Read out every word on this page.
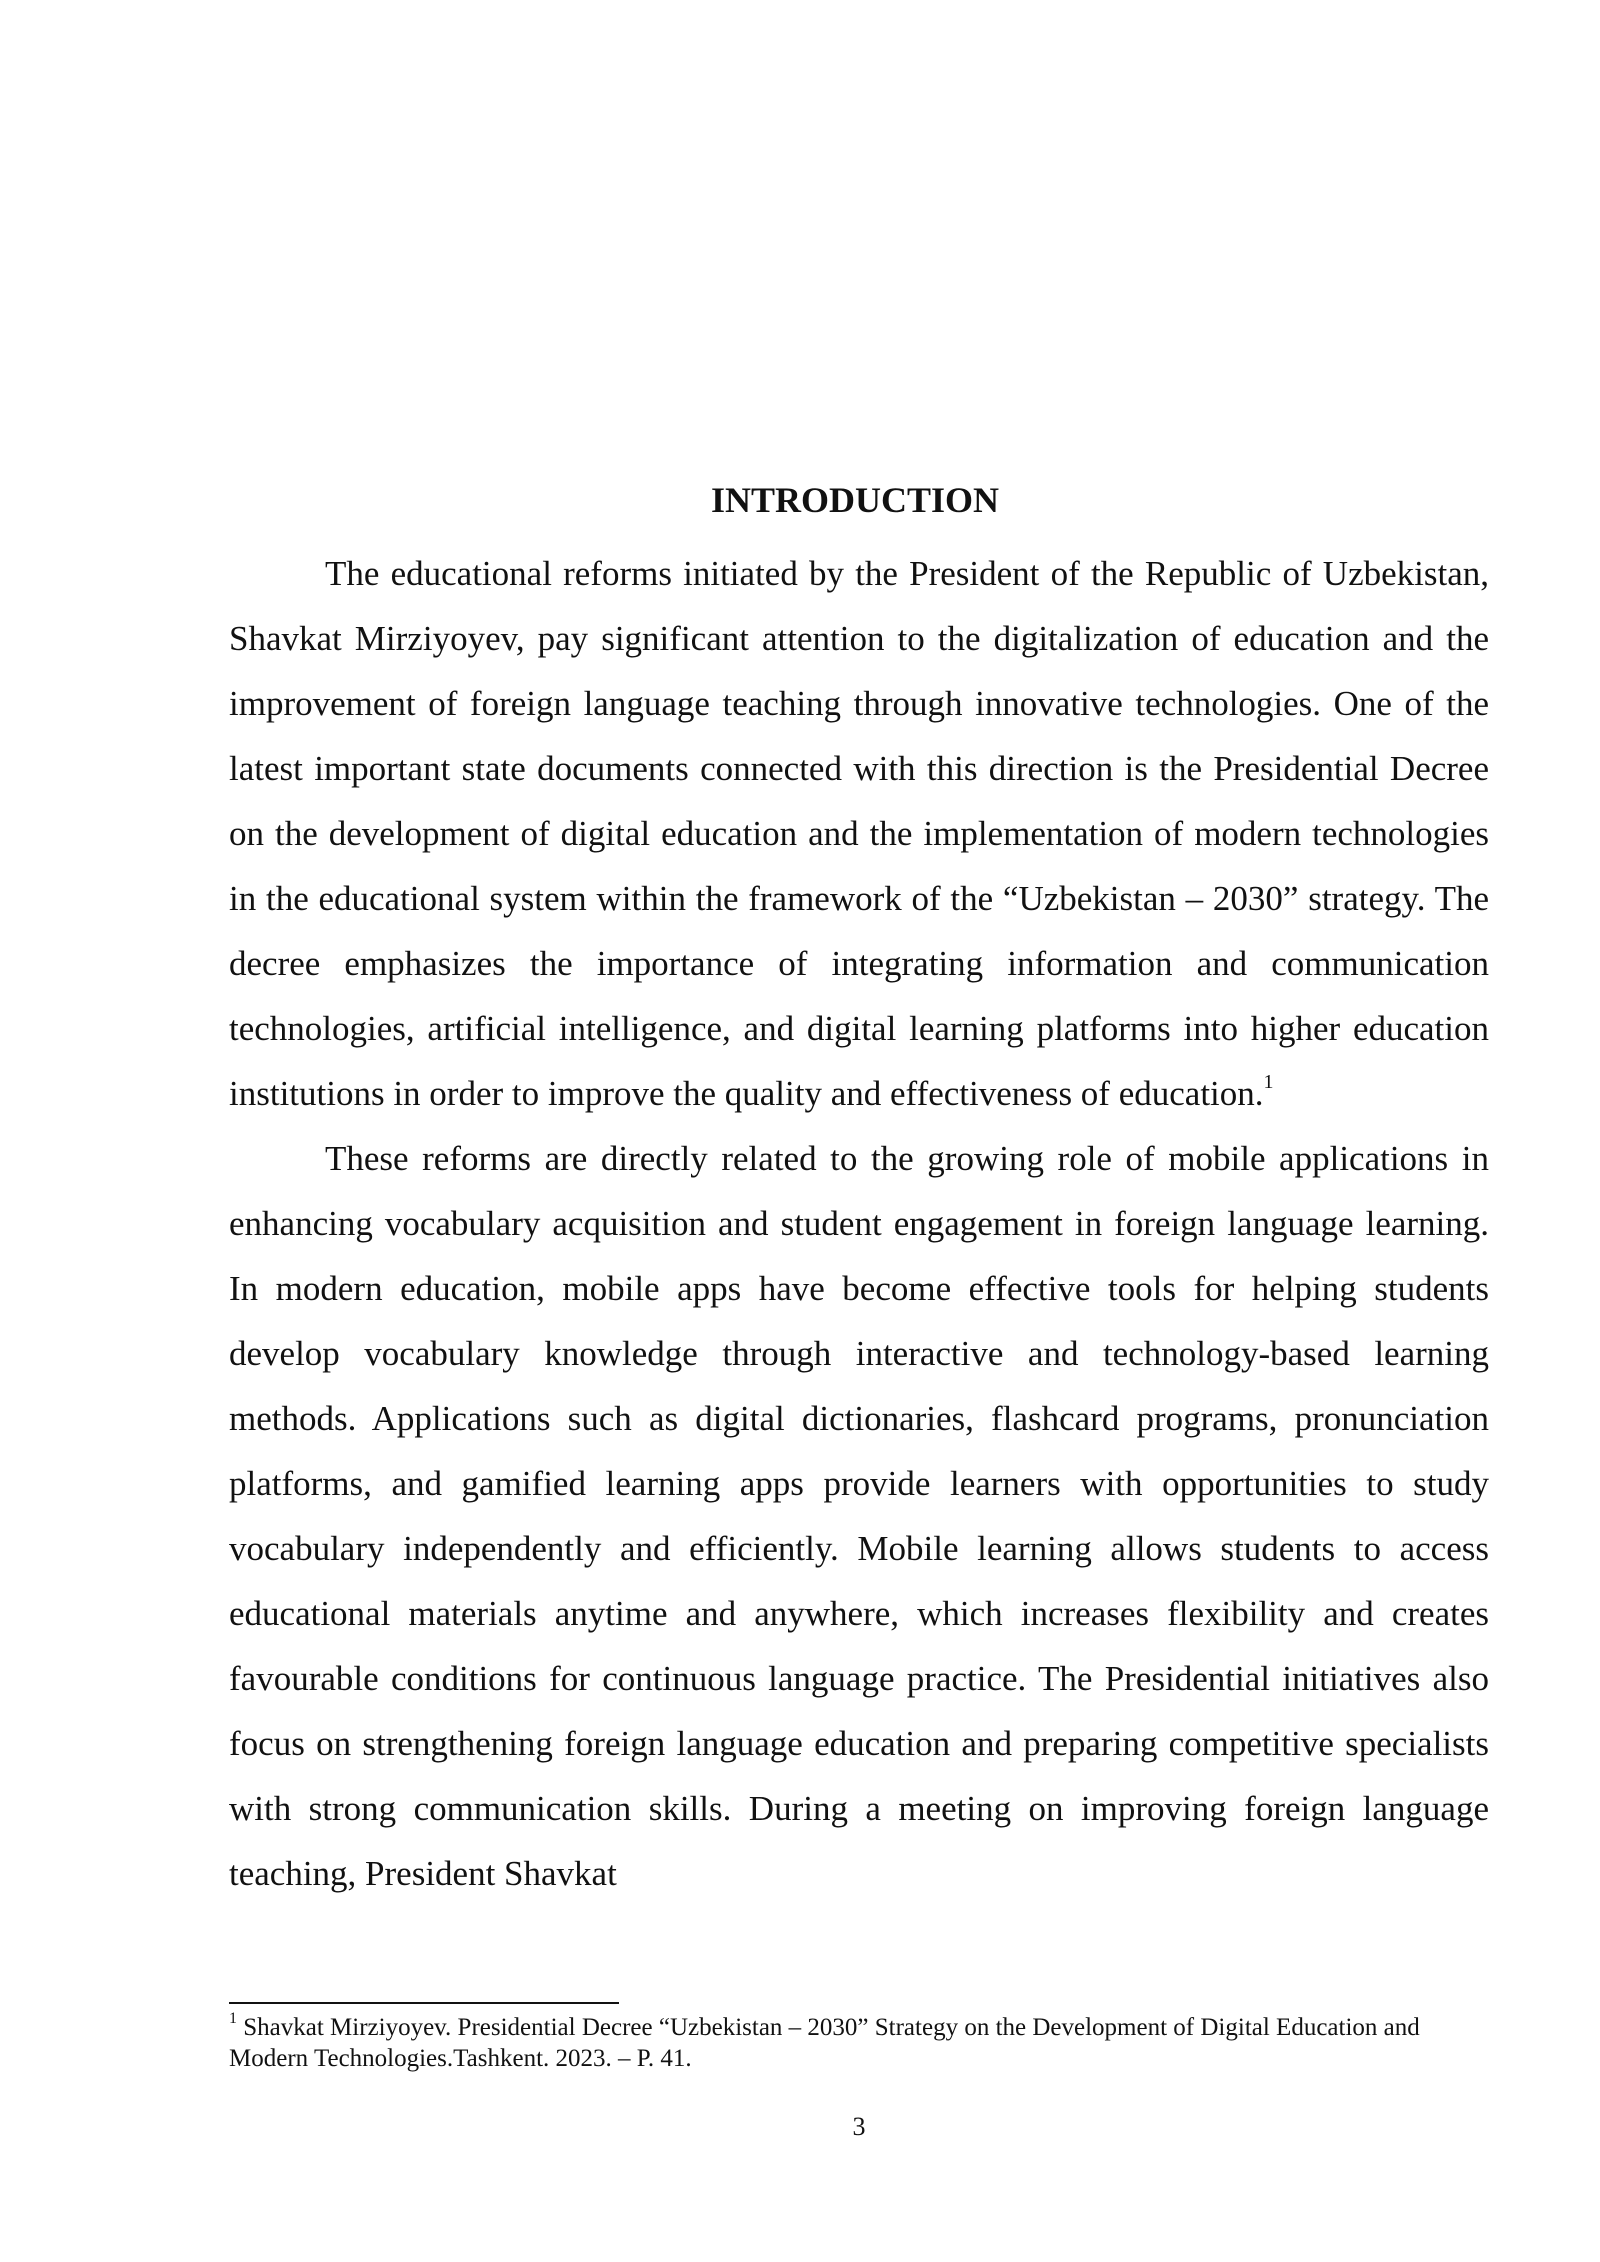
INTRODUCTION

The educational reforms initiated by the President of the Republic of Uzbekistan, Shavkat Mirziyoyev, pay significant attention to the digitalization of education and the improvement of foreign language teaching through innovative technologies. One of the latest important state documents connected with this direction is the Presidential Decree on the development of digital education and the implementation of modern technologies in the educational system within the framework of the “Uzbekistan – 2030” strategy. The decree emphasizes the importance of integrating information and communication technologies, artificial intelligence, and digital learning platforms into higher education institutions in order to improve the quality and effectiveness of education.$^1$

These reforms are directly related to the growing role of mobile applications in enhancing vocabulary acquisition and student engagement in foreign language learning. In modern education, mobile apps have become effective tools for helping students develop vocabulary knowledge through interactive and technology-based learning methods. Applications such as digital dictionaries, flashcard programs, pronunciation platforms, and gamified learning apps provide learners with opportunities to study vocabulary independently and efficiently. Mobile learning allows students to access educational materials anytime and anywhere, which increases flexibility and creates favourable conditions for continuous language practice. The Presidential initiatives also focus on strengthening foreign language education and preparing competitive specialists with strong communication skills. During a meeting on improving foreign language teaching, President Shavkat

$^1$ Shavkat Mirziyoyev. Presidential Decree “Uzbekistan – 2030” Strategy on the Development of Digital Education and Modern Technologies.Tashkent. 2023. – P. 41.
3
